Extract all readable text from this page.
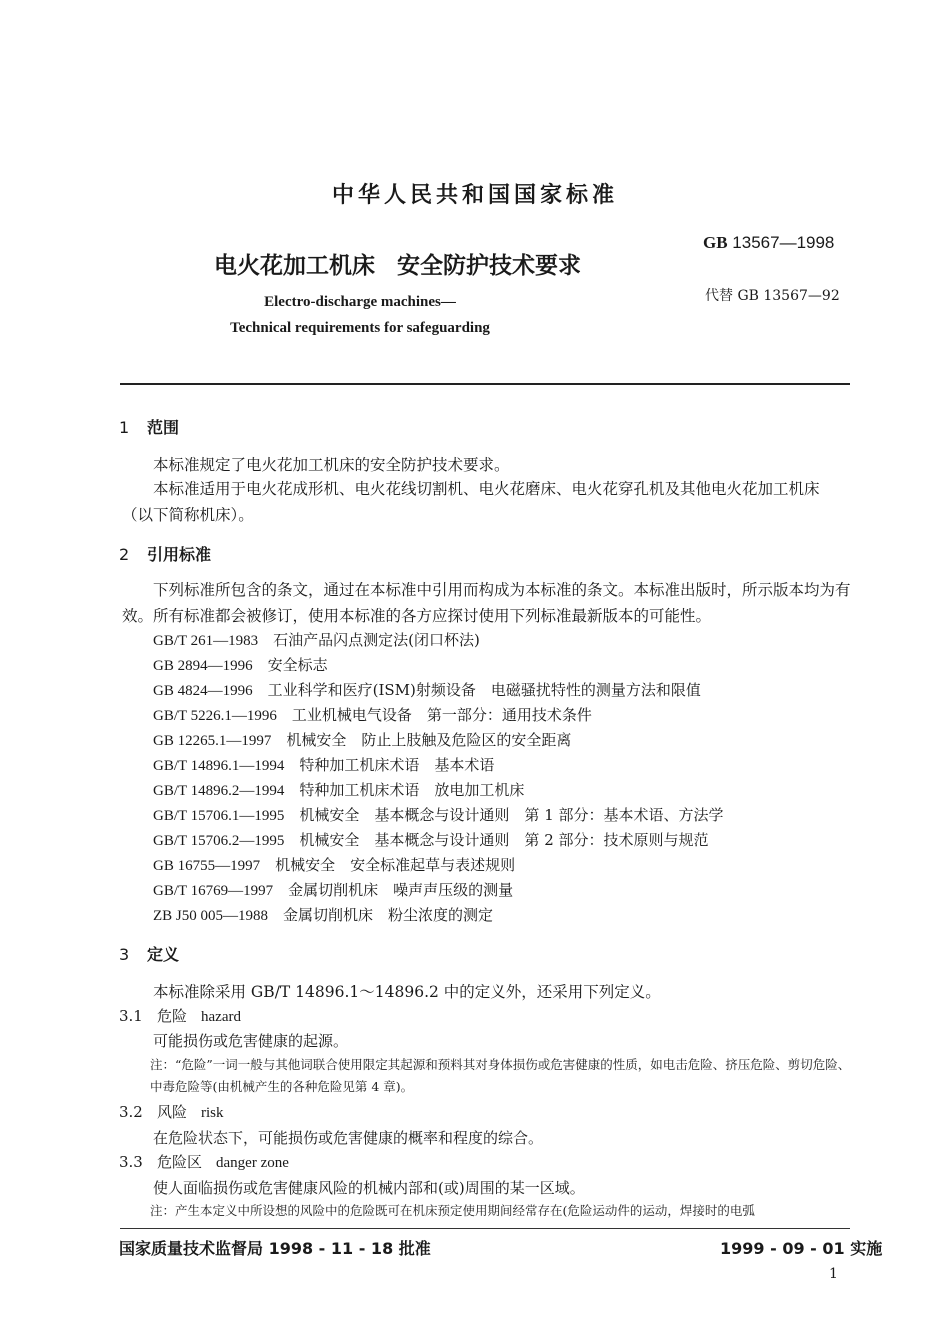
中华人民共和国国家标准
电火花加工机床 安全防护技术要求
GB 13567—1998
代替 GB 13567—92
Electro-discharge machines—
Technical requirements for safeguarding
1 范围
本标准规定了电火花加工机床的安全防护技术要求。
本标准适用于电火花成形机、电火花线切割机、电火花磨床、电火花穿孔机及其他电火花加工机床（以下简称机床）。
2 引用标准
下列标准所包含的条文，通过在本标准中引用而构成为本标准的条文。本标准出版时，所示版本均为有效。所有标准都会被修订，使用本标准的各方应探讨使用下列标准最新版本的可能性。
GB/T 261—1983　 石油产品闪点测定法(闭口杯法)
GB 2894—1996　 安全标志
GB 4824—1996　 工业科学和医疗(ISM)射频设备　电磁骚扰特性的测量方法和限值
GB/T 5226.1—1996　 工业机械电气设备　第一部分：通用技术条件
GB 12265.1—1997　 机械安全　防止上肢触及危险区的安全距离
GB/T 14896.1—1994　 特种加工机床术语　基本术语
GB/T 14896.2—1994　 特种加工机床术语　放电加工机床
GB/T 15706.1—1995　 机械安全　基本概念与设计通则　第 1 部分：基本术语、方法学
GB/T 15706.2—1995　 机械安全　基本概念与设计通则　第 2 部分：技术原则与规范
GB 16755—1997　 机械安全　安全标准起草与表述规则
GB/T 16769—1997　 金属切削机床　噪声声压级的测量
ZB J50 005—1988　 金属切削机床　粉尘浓度的测定
3 定义
本标准除采用 GB/T 14896.1～14896.2 中的定义外，还采用下列定义。
3.1 危险 hazard
可能损伤或危害健康的起源。
注：“危险”一词一般与其他词联合使用限定其起源和预料其对身体损伤或危害健康的性质，如电击危险、挤压危险、剪切危险、中毒危险等(由机械产生的各种危险见第 4 章)。
3.2 风险 risk
在危险状态下，可能损伤或危害健康的概率和程度的综合。
3.3 危险区 danger zone
使人面临损伤或危害健康风险的机械内部和(或)周围的某一区域。
注：产生本定义中所设想的风险中的危险既可在机床预定使用期间经常存在(危险运动件的运动，焊接时的电弧
国家质量技术监督局 1998 - 11 - 18 批准	1999 - 09 - 01 实施
1
